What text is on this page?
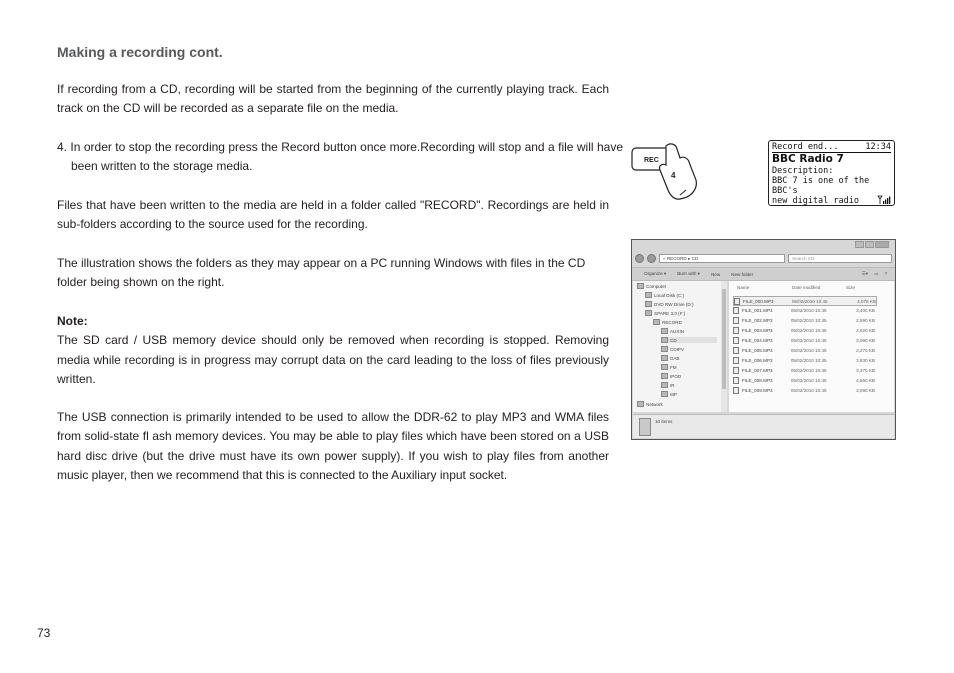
Making a recording cont.

If recording from a CD, recording will be started from the beginning of the currently playing track. Each track on the CD will be recorded as a separate file on the media.

4. In order to stop the recording press the Record button once more.Recording will stop and a file will have been written to the storage media.

Files that have been written to the media are held in a folder called "RECORD". Recordings are held in sub-folders according to the source used for the recording.

The illustration shows the folders as they may appear on a PC running Windows with files in the CD folder being shown on the right.

Note:
The SD card / USB memory device should only be removed when recording is stopped. Removing media while recording is in progress may corrupt data on the card leading to the loss of files previously written.

The USB connection is primarily intended to be used to allow the DDR-62 to play MP3 and WMA files from solid-state fl ash memory devices. You may be able to play files which have been stored on a USB hard disc drive (but the drive must have its own power supply). If you wish to play files from another music player, then we recommend that this is connected to the Auxiliary input socket.

73
REC
4
Record end...	12:34
BBC Radio 7
Description:
BBC 7 is one of the BBC's
new digital radio
« RECORD ▸ CD	Search CD
Organize ▾ Burn with ▾ New New folder	☰▾ ▭ ?
Computer
Local Disk (C:)
DVD RW Drive (D:)
SPARE 3.0 (F:)
RECORD
AUXIN
CD
CDIPV
DAB
FM
IPOD
IR
MP
Network
Name	Date modified	Size
FILE_000.MP3	05/02/2010 10:45	4,076 KB
FILE_001.MP3	05/02/2010 10:45	3,400 KB
FILE_002.MP3	05/02/2010 10:45	2,590 KB
FILE_003.MP3	05/02/2010 10:45	2,020 KB
FILE_004.MP3	05/02/2010 10:45	3,090 KB
FILE_005.MP3	05/02/2010 10:45	2,270 KB
FILE_006.MP3	05/02/2010 10:45	3,830 KB
FILE_007.MP3	05/02/2010 10:45	3,370 KB
FILE_008.MP3	05/02/2010 10:45	4,550 KB
FILE_009.MP3	05/02/2010 10:45	3,090 KB
10 items
